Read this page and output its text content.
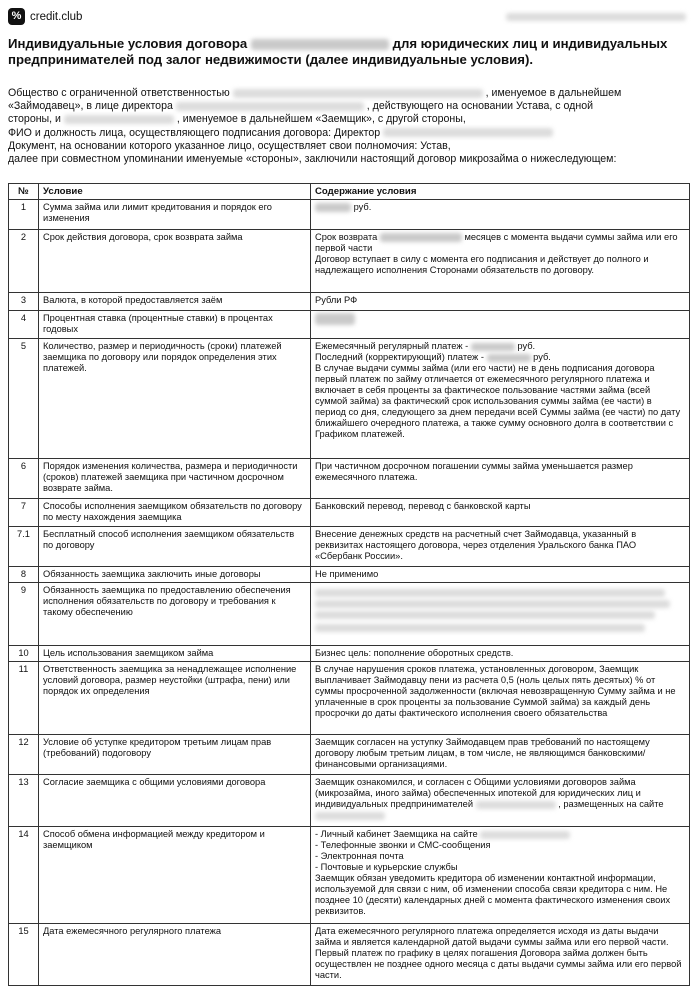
% credit.club
Индивидуальные условия договора	для юридических лиц и индивидуальных предпринимателей под залог недвижимости (далее индивидуальные условия).

Общество с ограниченной ответственностью	, именуемое в дальнейшем

«Займодавец», в лице директора	, действующего на основании Устава, с одной

стороны, и	, именуемое в дальнейшем «Заемщик», с другой стороны,

ФИО и должность лица, осуществляющего подписания договора: Директор

Документ, на основании которого указанное лицо, осуществляет свои полномочия: Устав,

далее при совместном упоминании именуемые «стороны», заключили настоящий договор микрозайма о нижеследующем:

№	Условие	Содержание условия
1	Сумма займа или лимит кредитования и порядок его изменения	руб.
2	Срок действия договора, срок возврата займа	Срок возврата месяцев с момента выдачи суммы займа или его первой части
Договор вступает в силу с момента его подписания и действует до полного и надлежащего исполнения Сторонами обязательств по договору.

3	Валюта, в которой предоставляется заём	Рубли РФ
4	Процентная ставка (процентные ставки) в процентах годовых	
5	Количество, размер и периодичность (сроки) платежей заемщика по договору или порядок определения этих платежей.	Ежемесячный регулярный платеж - руб.
Последний (корректирующий) платеж - руб.
В случае выдачи суммы займа (или его части) не в день подписания договора первый платеж по займу отличается от ежемесячного регулярного платежа и включает в себя проценты за фактическое пользование частями займа (всей суммой займа) за фактический срок использования суммы займа (ее части) в период со дня, следующего за днем передачи всей Суммы займа (ее части) по дату ближайшего очередного платежа, а также сумму основного долга в соответствии с Графиком платежей.

6	Порядок изменения количества, размера и периодичности (сроков) платежей заемщика при частичном досрочном возврате займа.	При частичном досрочном погашении суммы займа уменьшается размер ежемесячного платежа.
7	Способы исполнения заемщиком обязательств по договору по месту нахождения заемщика	Банковский перевод, перевод с банковской карты
7.1	Бесплатный способ исполнения заемщиком обязательств по договору	Внесение денежных средств на расчетный счет Займодавца, указанный в реквизитах настоящего договора, через отделения Уральского банка ПАО «Сбербанк России».
8	Обязанность заемщика заключить иные договоры	Не применимо
9	Обязанность заемщика по предоставлению обеспечения исполнения обязательств по договору и требования к такому обеспечению	
10	Цель использования заемщиком займа	Бизнес цель: пополнение оборотных средств.
11	Ответственность заемщика за ненадлежащее исполнение условий договора, размер неустойки (штрафа, пени) или порядок их определения	В случае нарушения сроков платежа, установленных договором, Заемщик выплачивает Займодавцу пени из расчета 0,5 (ноль целых пять десятых) % от суммы просроченной задолженности (включая невозвращенную Сумму займа и не уплаченные в срок проценты за пользование Суммой займа) за каждый день просрочки до даты фактического исполнения своего обязательства
12	Условие об уступке кредитором третьим лицам прав (требований) подоговору	Заемщик согласен на уступку Займодавцем прав требований по настоящему договору любым третьим лицам, в том числе, не являющимся банковскими/финансовыми организациями.
13	Согласие заемщика с общими условиями договора	Заемщик ознакомился, и согласен с Общими условиями договоров займа (микрозайма, иного займа) обеспеченных ипотекой для юридических лиц и индивидуальных предпринимателей , размещенных на сайте
14	Способ обмена информацией между кредитором и заемщиком	- Личный кабинет Заемщика на сайте
- Телефонные звонки и СМС-сообщения
- Электронная почта
- Почтовые и курьерские службы
Заемщик обязан уведомить кредитора об изменении контактной информации, используемой для связи с ним, об изменении способа связи кредитора с ним. Не позднее 10 (десяти) календарных дней с момента фактического изменения своих реквизитов.

15	Дата ежемесячного регулярного платежа	Дата ежемесячного регулярного платежа определяется исходя из даты выдачи займа и является календарной датой выдачи суммы займа или его первой части. Первый платеж по графику в целях погашения Договора займа должен быть осуществлен не позднее одного месяца с даты выдачи суммы займа или его первой части.
